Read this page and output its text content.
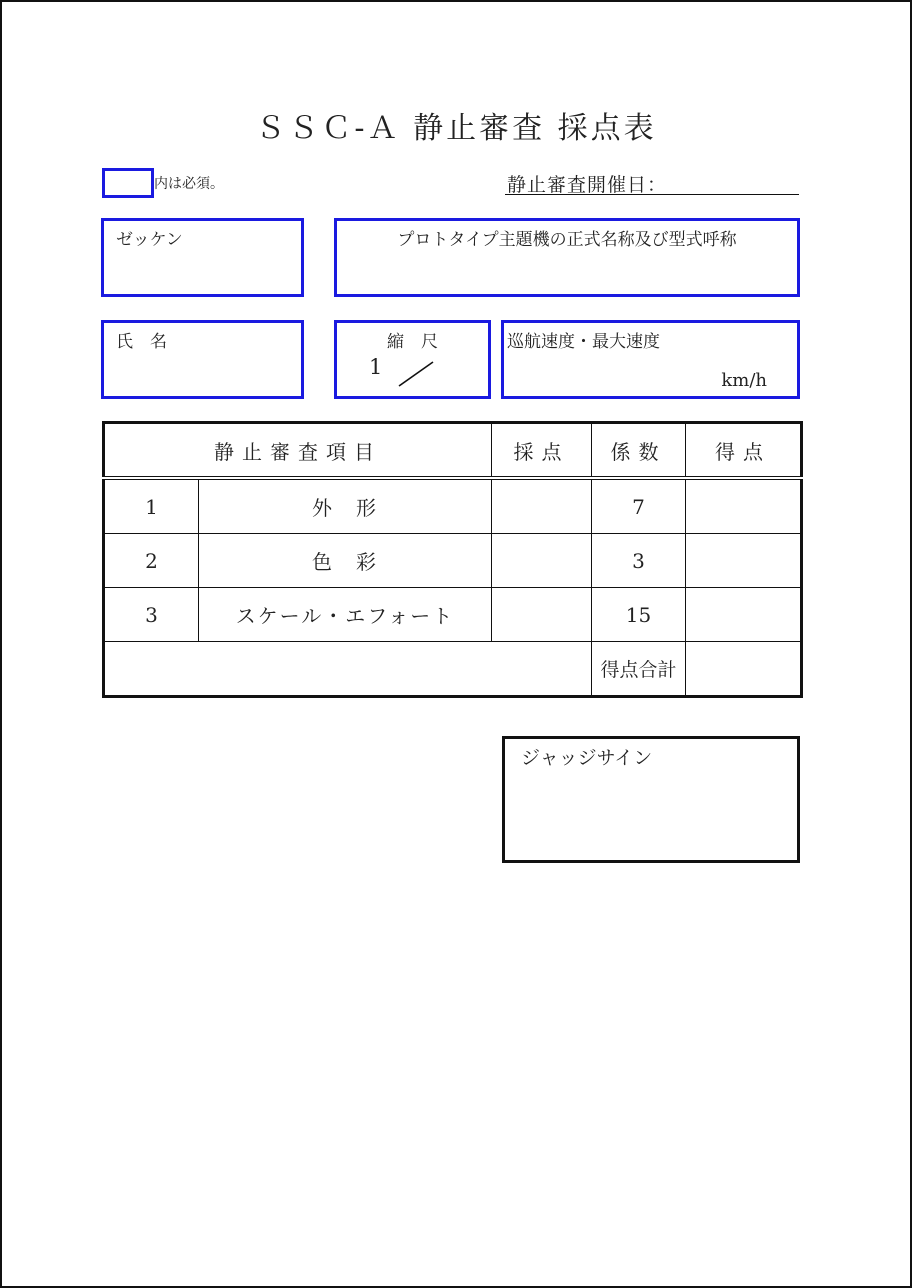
ＳＳＣ-Ａ 静止審査 採点表
内は必須。	静止審査開催日：
ゼッケン	プロトタイプ主題機の正式名称及び型式呼称
氏　名	縮　尺
1
巡航速度・最大速度
km/h
静止審査項目		採点	係数	得点
1	外　形		7	
2	色　彩		3	
3	スケール・エフォート		15	
			得点合計	
ジャッジサイン
